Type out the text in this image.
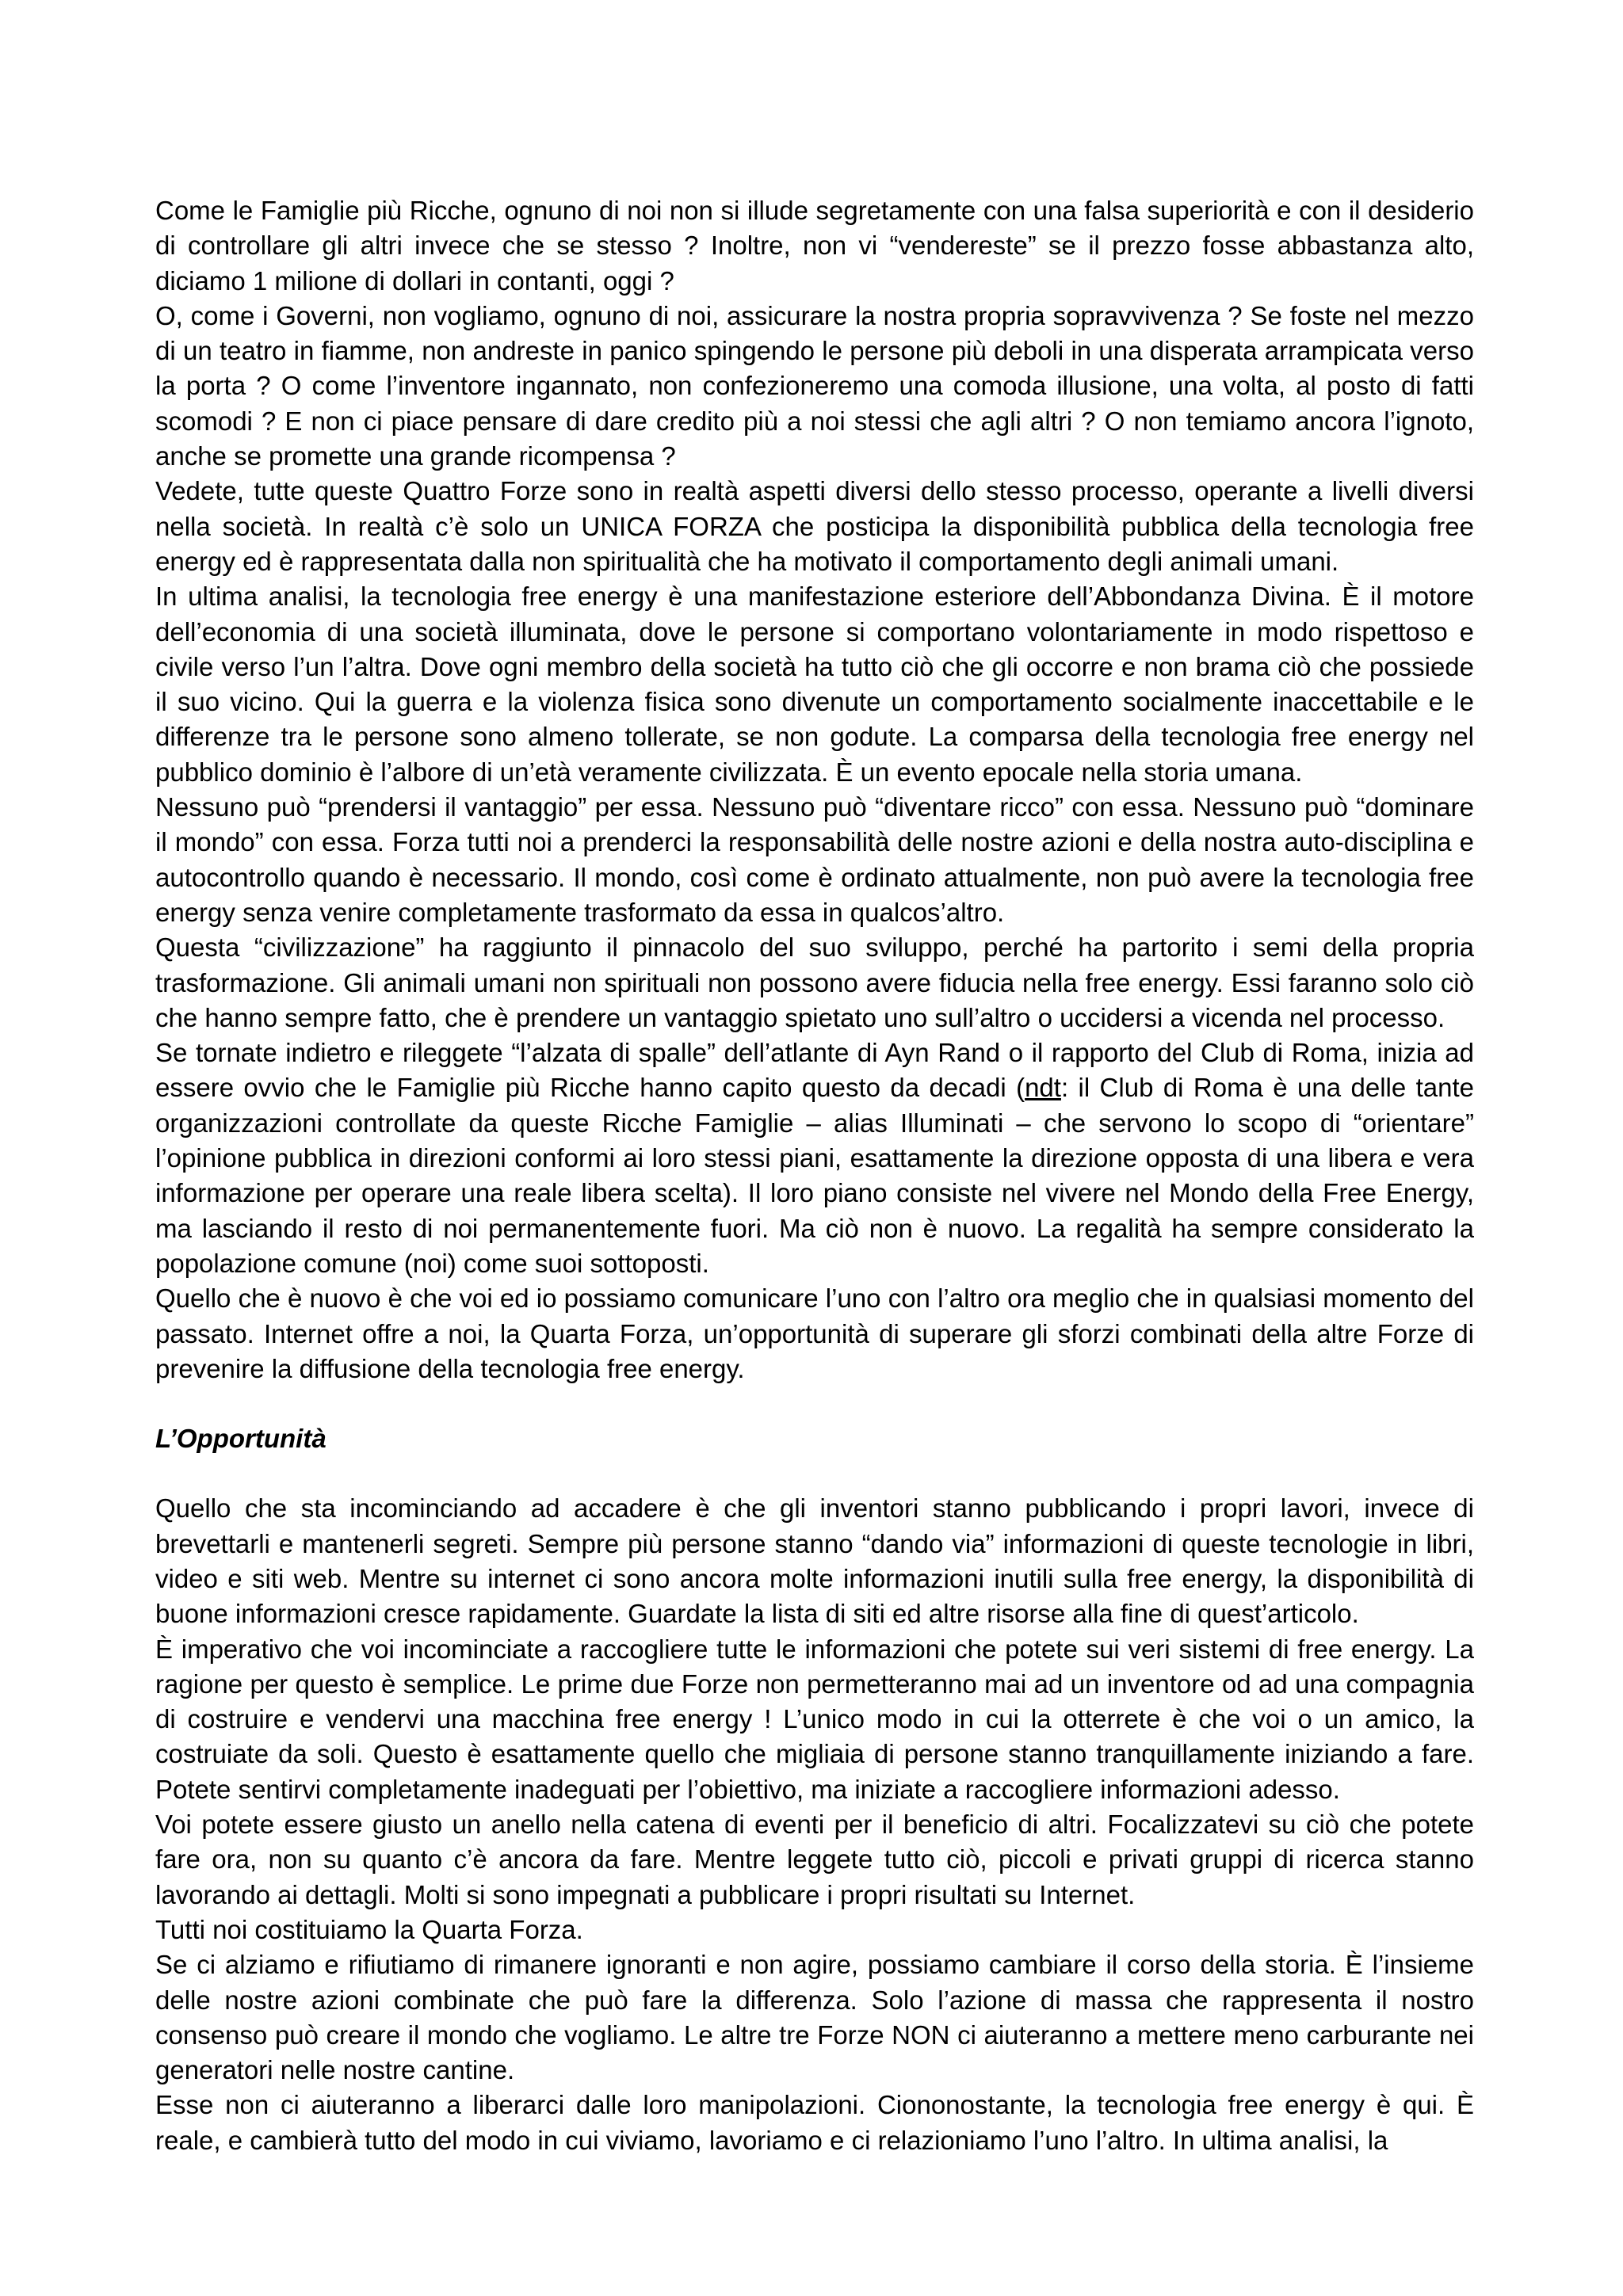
Come le Famiglie più Ricche, ognuno di noi non si illude segretamente con una falsa superiorità e con il desiderio di controllare gli altri invece che se stesso ? Inoltre, non vi “vendereste” se il prezzo fosse abbastanza alto, diciamo 1 milione di dollari in contanti, oggi ?

O, come i Governi, non vogliamo, ognuno di noi, assicurare la nostra propria sopravvivenza ? Se foste nel mezzo di un teatro in fiamme, non andreste in panico spingendo le persone più deboli in una disperata arrampicata verso la porta ? O come l’inventore ingannato, non confezioneremo una comoda illusione, una volta, al posto di fatti scomodi ? E non ci piace pensare di dare credito più a noi stessi che agli altri ? O non temiamo ancora l’ignoto, anche se promette una grande ricompensa ?

Vedete, tutte queste Quattro Forze sono in realtà aspetti diversi dello stesso processo, operante a livelli diversi nella società. In realtà c’è solo un UNICA FORZA che posticipa la disponibilità pubblica della tecnologia free energy ed è rappresentata dalla non spiritualità che ha motivato il comportamento degli animali umani.

In ultima analisi, la tecnologia free energy è una manifestazione esteriore dell’Abbondanza Divina. È il motore dell’economia di una società illuminata, dove le persone si comportano volontariamente in modo rispettoso e civile verso l’un l’altra. Dove ogni membro della società ha tutto ciò che gli occorre e non brama ciò che possiede il suo vicino. Qui la guerra e la violenza fisica sono divenute un comportamento socialmente inaccettabile e le differenze tra le persone sono almeno tollerate, se non godute. La comparsa della tecnologia free energy nel pubblico dominio è l’albore di un’età veramente civilizzata. È un evento epocale nella storia umana.

Nessuno può “prendersi il vantaggio” per essa. Nessuno può “diventare ricco” con essa. Nessuno può “dominare il mondo” con essa. Forza tutti noi a prenderci la responsabilità delle nostre azioni e della nostra auto-disciplina e autocontrollo quando è necessario. Il mondo, così come è ordinato attualmente, non può avere la tecnologia free energy senza venire completamente trasformato da essa in qualcos’altro.

Questa “civilizzazione” ha raggiunto il pinnacolo del suo sviluppo, perché ha partorito i semi della propria trasformazione. Gli animali umani non spirituali non possono avere fiducia nella free energy. Essi faranno solo ciò che hanno sempre fatto, che è prendere un vantaggio spietato uno sull’altro o uccidersi a vicenda nel processo.

Se tornate indietro e rileggete “l’alzata di spalle” dell’atlante di Ayn Rand o il rapporto del Club di Roma, inizia ad essere ovvio che le Famiglie più Ricche hanno capito questo da decadi (ndt: il Club di Roma è una delle tante organizzazioni controllate da queste Ricche Famiglie – alias Illuminati – che servono lo scopo di “orientare” l’opinione pubblica in direzioni conformi ai loro stessi piani, esattamente la direzione opposta di una libera e vera informazione per operare una reale libera scelta). Il loro piano consiste nel vivere nel Mondo della Free Energy, ma lasciando il resto di noi permanentemente fuori. Ma ciò non è nuovo. La regalità ha sempre considerato la popolazione comune (noi) come suoi sottoposti.

Quello che è nuovo è che voi ed io possiamo comunicare l’uno con l’altro ora meglio che in qualsiasi momento del passato. Internet offre a noi, la Quarta Forza, un’opportunità di superare gli sforzi combinati della altre Forze di prevenire la diffusione della tecnologia free energy.

L’Opportunità

Quello che sta incominciando ad accadere è che gli inventori stanno pubblicando i propri lavori, invece di brevettarli e mantenerli segreti. Sempre più persone stanno “dando via” informazioni di queste tecnologie in libri, video e siti web. Mentre su internet ci sono ancora molte informazioni inutili sulla free energy, la disponibilità di buone informazioni cresce rapidamente. Guardate la lista di siti ed altre risorse alla fine di quest’articolo.

È imperativo che voi incominciate a raccogliere tutte le informazioni che potete sui veri sistemi di free energy. La ragione per questo è semplice. Le prime due Forze non permetteranno mai ad un inventore od ad una compagnia di costruire e vendervi una macchina free energy ! L’unico modo in cui la otterrete è che voi o un amico, la costruiate da soli. Questo è esattamente quello che migliaia di persone stanno tranquillamente iniziando a fare. Potete sentirvi completamente inadeguati per l’obiettivo, ma iniziate a raccogliere informazioni adesso.

Voi potete essere giusto un anello nella catena di eventi per il beneficio di altri. Focalizzatevi su ciò che potete fare ora, non su quanto c’è ancora da fare. Mentre leggete tutto ciò, piccoli e privati gruppi di ricerca stanno lavorando ai dettagli. Molti si sono impegnati a pubblicare i propri risultati su Internet.

Tutti noi costituiamo la Quarta Forza.

Se ci alziamo e rifiutiamo di rimanere ignoranti e non agire, possiamo cambiare il corso della storia. È l’insieme delle nostre azioni combinate che può fare la differenza. Solo l’azione di massa che rappresenta il nostro consenso può creare il mondo che vogliamo. Le altre tre Forze NON ci aiuteranno a mettere meno carburante nei generatori nelle nostre cantine.

Esse non ci aiuteranno a liberarci dalle loro manipolazioni. Ciononostante, la tecnologia free energy è qui. È reale, e cambierà tutto del modo in cui viviamo, lavoriamo e ci relazioniamo l’uno l’altro. In ultima analisi, la
